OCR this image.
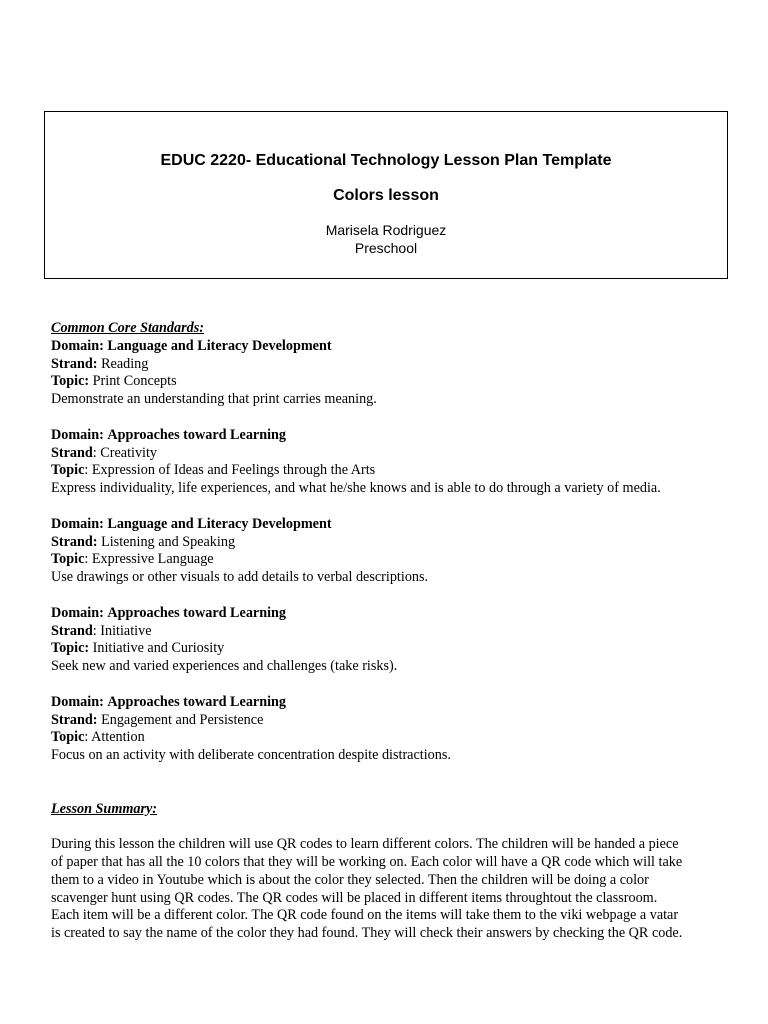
EDUC 2220- Educational Technology Lesson Plan Template
Colors lesson
Marisela Rodriguez
Preschool
Common Core Standards:
Domain: Language and Literacy Development
Strand: Reading
Topic: Print Concepts
Demonstrate an understanding that print carries meaning.
Domain: Approaches toward Learning
Strand: Creativity
Topic: Expression of Ideas and Feelings through the Arts
Express individuality, life experiences, and what he/she knows and is able to do through a variety of media.
Domain: Language and Literacy Development
Strand: Listening and Speaking
Topic: Expressive Language
Use drawings or other visuals to add details to verbal descriptions.
Domain: Approaches toward Learning
Strand: Initiative
Topic: Initiative and Curiosity
Seek new and varied experiences and challenges (take risks).
Domain: Approaches toward Learning
Strand: Engagement and Persistence
Topic: Attention
Focus on an activity with deliberate concentration despite distractions.
Lesson Summary:
During this lesson the children will use QR codes to learn different colors. The children will be handed a piece
of paper that has all the 10 colors that they will be working on. Each color will have a QR code which will take
them to a video in Youtube which is about the color they selected. Then the children will be doing a color
scavenger hunt using QR codes. The QR codes will be placed in different items throughtout the classroom.
Each item will be a different color. The QR code found on the items will take them to the viki webpage a vatar
is created to say the name of the color they had found. They will check their answers by checking the QR code.
